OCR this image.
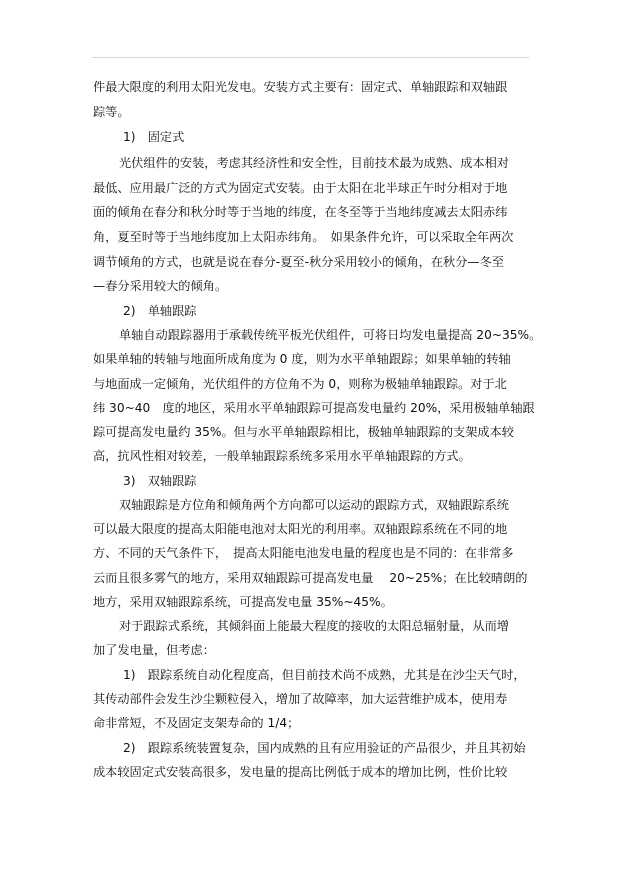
件最大限度的利用太阳光发电。安装方式主要有：固定式、单轴跟踪和双轴跟
踪等。
1)　固定式
光伏组件的安装，考虑其经济性和安全性，目前技术最为成熟、成本相对
最低、应用最广泛的方式为固定式安装。由于太阳在北半球正午时分相对于地
面的倾角在春分和秋分时等于当地的纬度，在冬至等于当地纬度减去太阳赤纬
角，夏至时等于当地纬度加上太阳赤纬角。　如果条件允许，可以采取全年两次
调节倾角的方式，也就是说在春分-夏至-秋分采用较小的倾角，在秋分—冬至
—春分采用较大的倾角。
2)　单轴跟踪
单轴自动跟踪器用于承载传统平板光伏组件，可将日均发电量提高 20~35%。
如果单轴的转轴与地面所成角度为 0 度，则为水平单轴跟踪；如果单轴的转轴
与地面成一定倾角，光伏组件的方位角不为 0，则称为极轴单轴跟踪。对于北
纬 30~40　度的地区，采用水平单轴跟踪可提高发电量约 20%，采用极轴单轴跟
踪可提高发电量约 35%。但与水平单轴跟踪相比，极轴单轴跟踪的支架成本较
高，抗风性相对较差，一般单轴跟踪系统多采用水平单轴跟踪的方式。
3)　双轴跟踪
双轴跟踪是方位角和倾角两个方向都可以运动的跟踪方式，双轴跟踪系统
可以最大限度的提高太阳能电池对太阳光的利用率。双轴跟踪系统在不同的地
方、不同的天气条件下，　提高太阳能电池发电量的程度也是不同的：在非常多
云而且很多雾气的地方，采用双轴跟踪可提高发电量　 20~25%；在比较晴朗的
地方，采用双轴跟踪系统，可提高发电量 35%~45%。
对于跟踪式系统，其倾斜面上能最大程度的接收的太阳总辐射量，从而增
加了发电量，但考虑：
1)　跟踪系统自动化程度高，但目前技术尚不成熟，尤其是在沙尘天气时，
其传动部件会发生沙尘颗粒侵入，增加了故障率，加大运营维护成本，使用寿
命非常短，不及固定支架寿命的 1/4；
2)　跟踪系统装置复杂，国内成熟的且有应用验证的产品很少，并且其初始
成本较固定式安装高很多，发电量的提高比例低于成本的增加比例，性价比较
